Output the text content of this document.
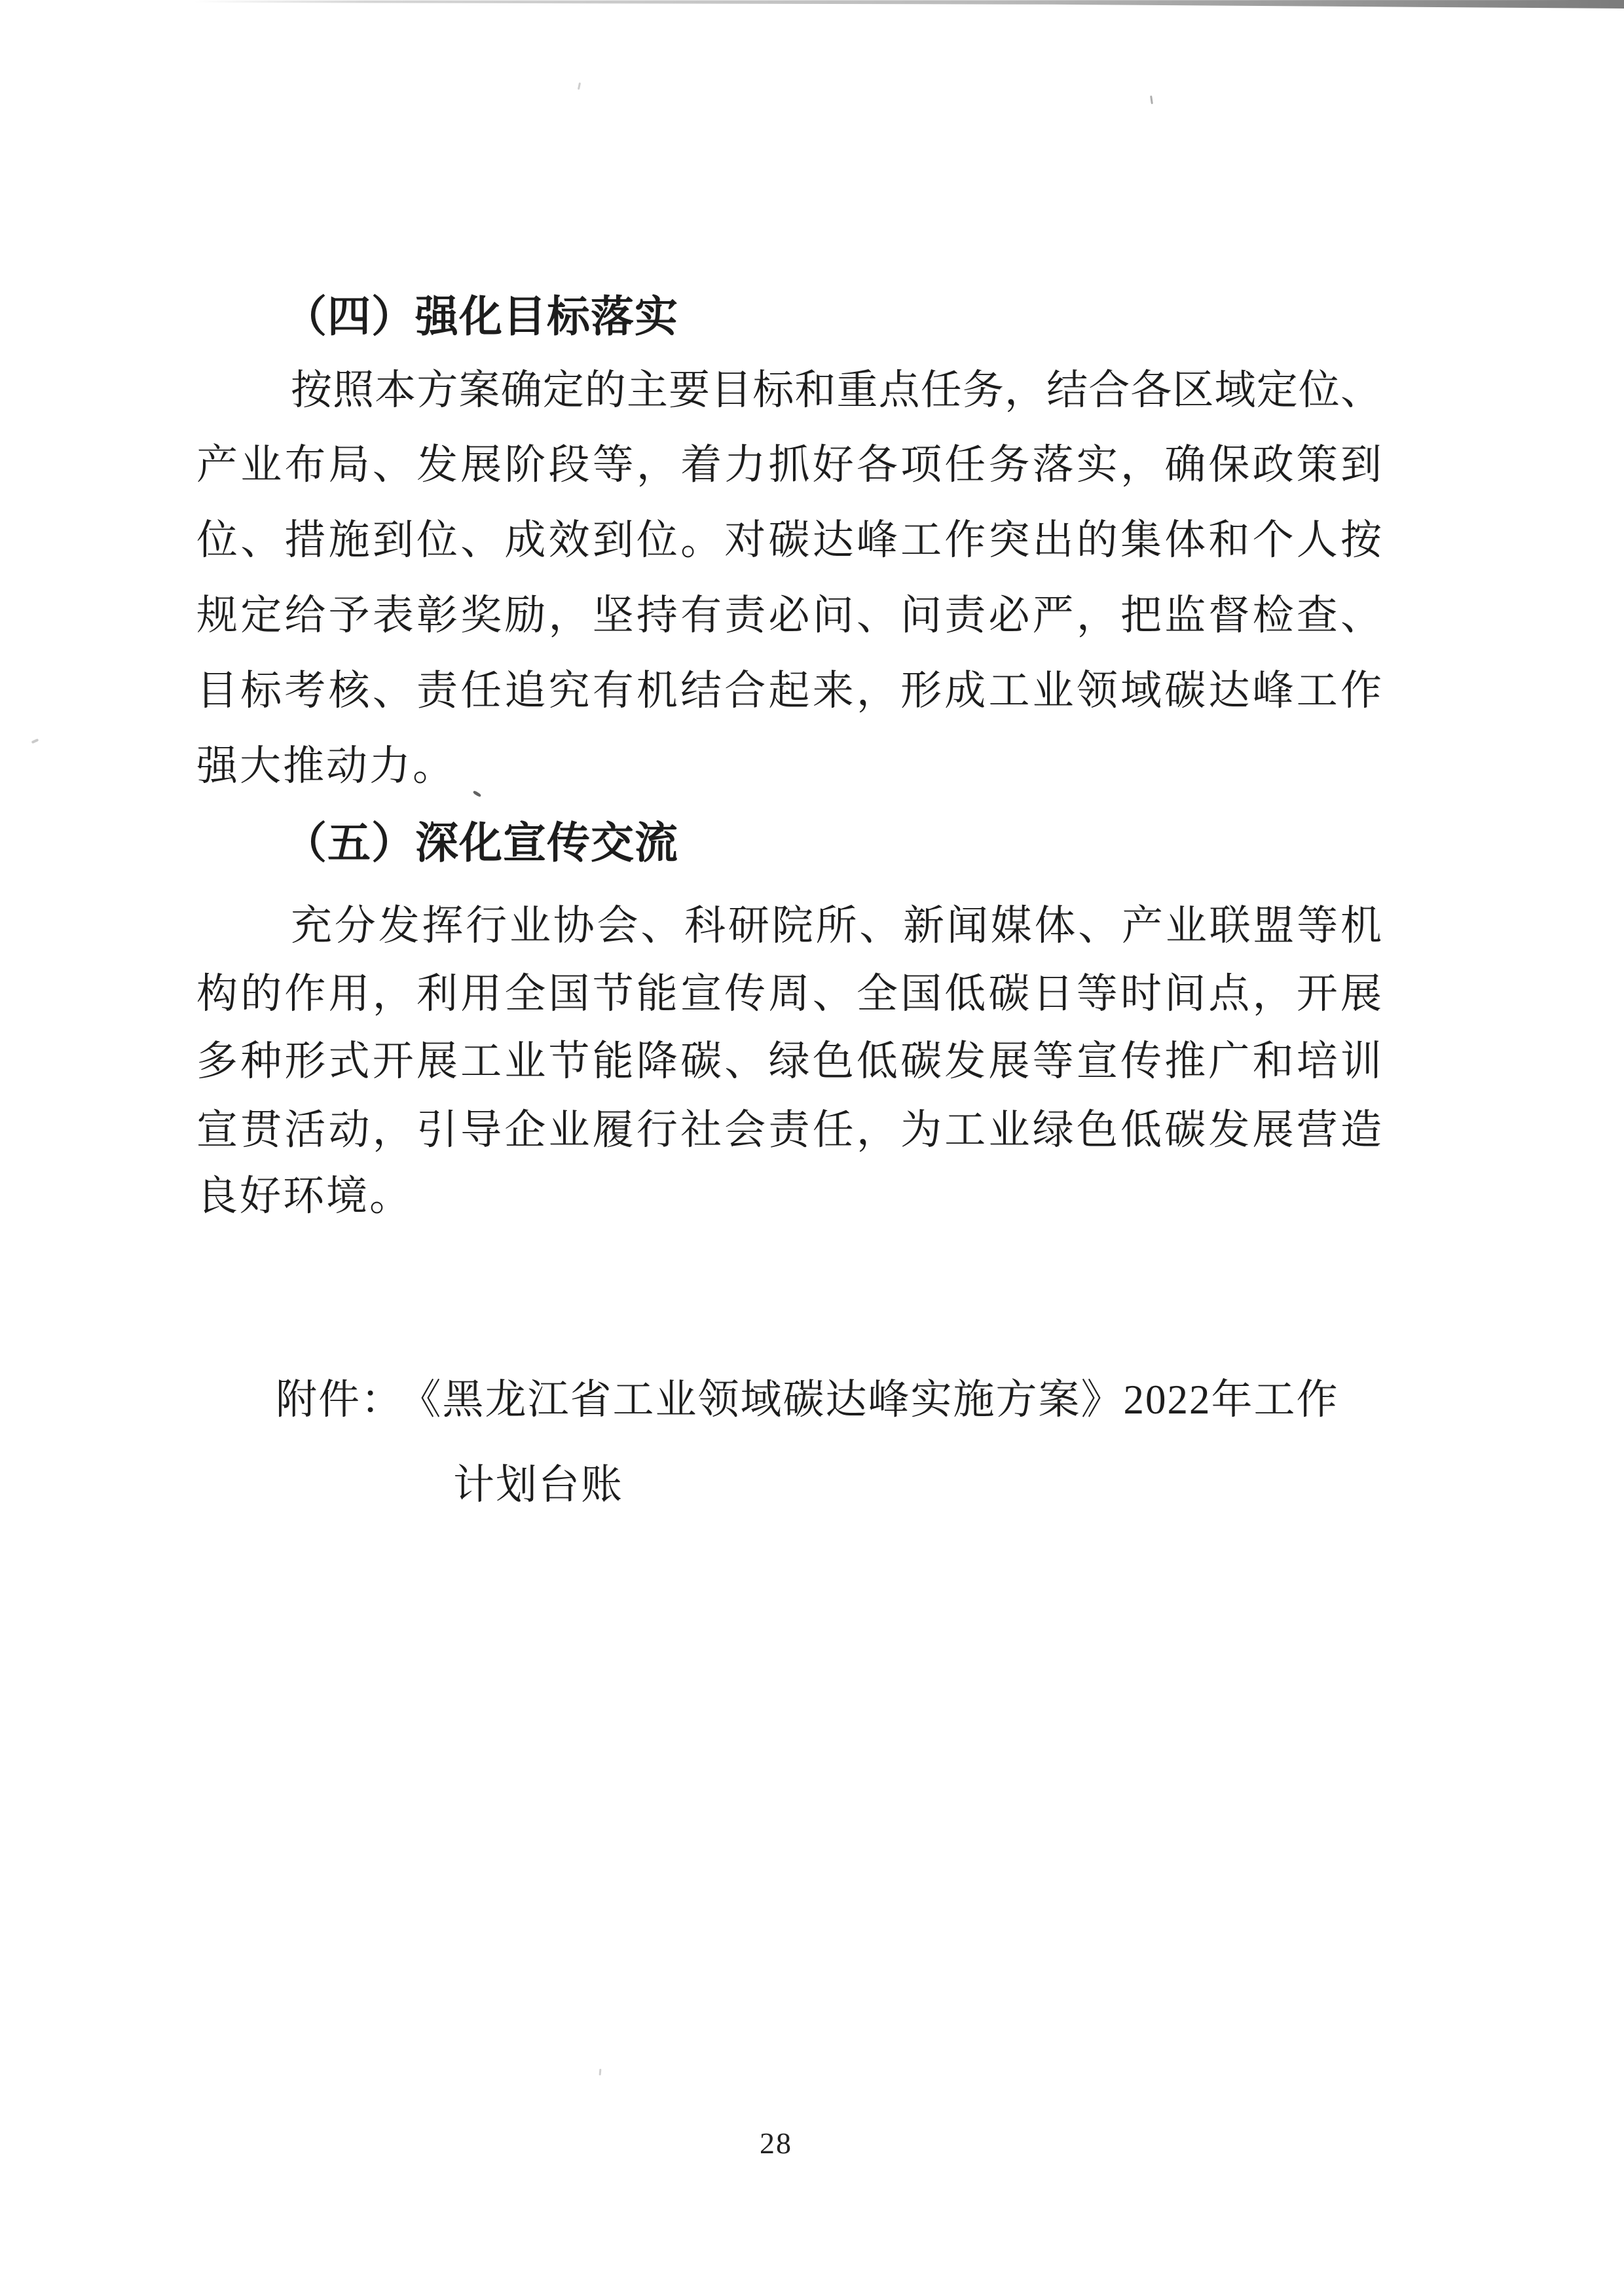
（四）强化目标落实
按照本方案确定的主要目标和重点任务，结合各区域定位、
产业布局、发展阶段等，着力抓好各项任务落实，确保政策到
位、措施到位、成效到位。对碳达峰工作突出的集体和个人按
规定给予表彰奖励，坚持有责必问、问责必严，把监督检查、
目标考核、责任追究有机结合起来，形成工业领域碳达峰工作
强大推动力。
（五）深化宣传交流
充分发挥行业协会、科研院所、新闻媒体、产业联盟等机
构的作用，利用全国节能宣传周、全国低碳日等时间点，开展
多种形式开展工业节能降碳、绿色低碳发展等宣传推广和培训
宣贯活动，引导企业履行社会责任，为工业绿色低碳发展营造
良好环境。
附件： 《黑龙江省工业领域碳达峰实施方案》2022年工作
计划台账
28
